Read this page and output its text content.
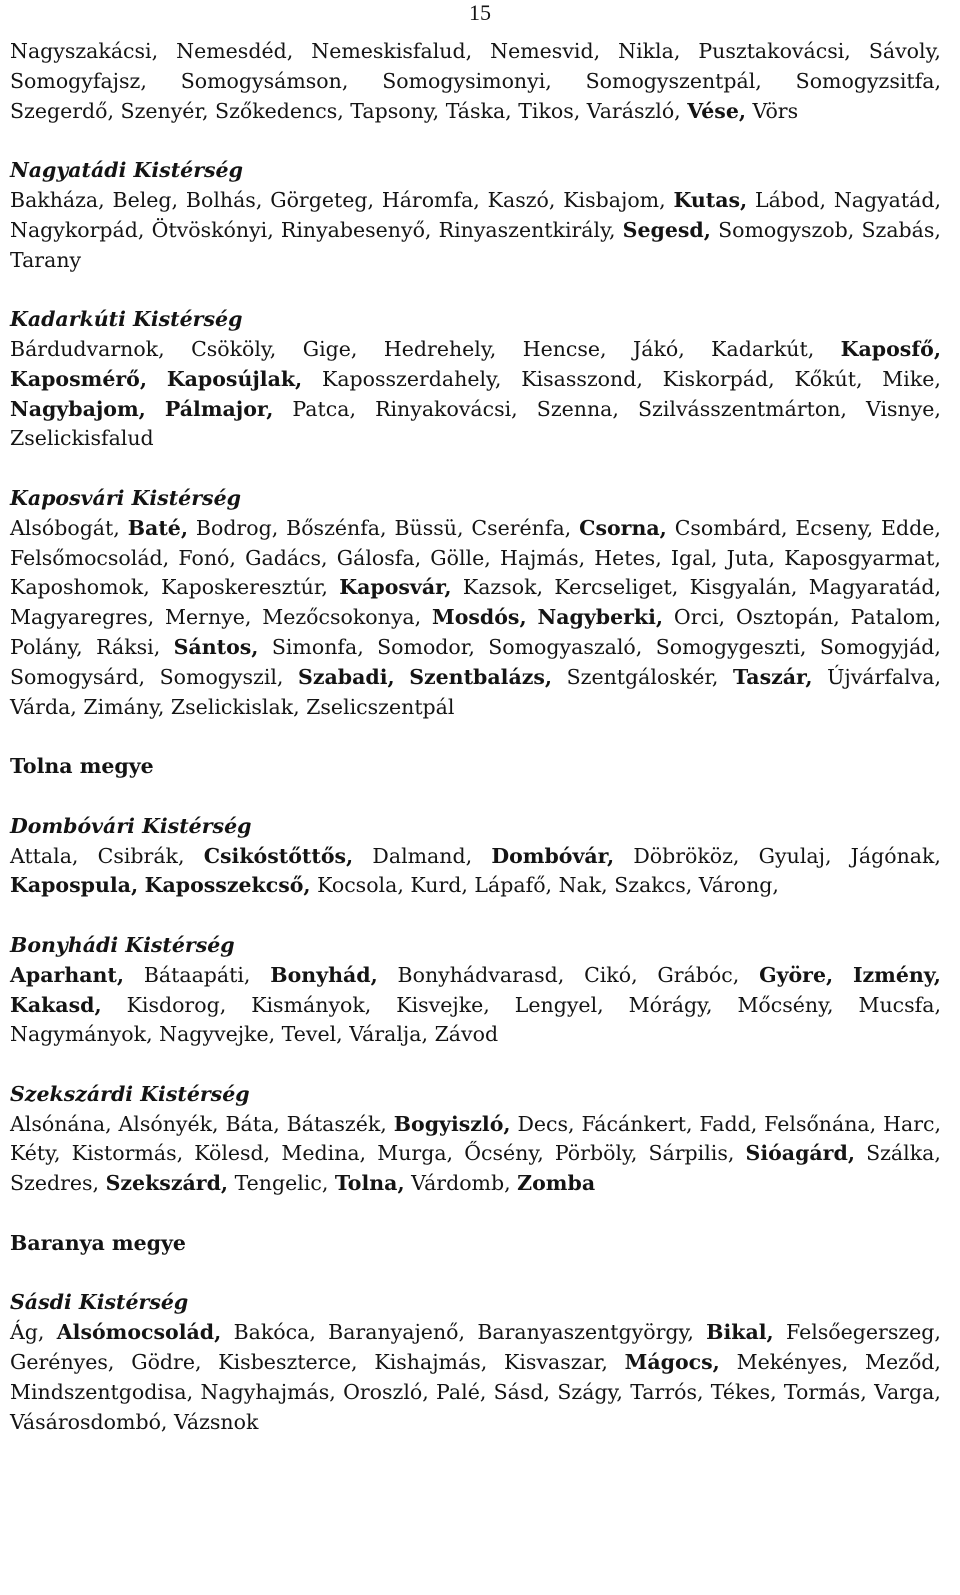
15

Nagyszakácsi, Nemesdéd, Nemeskisfalud, Nemesvid, Nikla, Pusztakovácsi, Sávoly, Somogyfajsz, Somogysámson, Somogysimonyi, Somogyszentpál, Somogyzsitfa, Szegerdő, Szenyér, Szőkedencs, Tapsony, Táska, Tikos, Varászló, Vése, Vörs

Nagyatádi Kistérség

Bakháza, Beleg, Bolhás, Görgeteg, Háromfa, Kaszó, Kisbajom, Kutas, Lábod, Nagyatád, Nagykorpád, Ötvöskónyi, Rinyabesenyő, Rinyaszentkirály, Segesd, Somogyszob, Szabás, Tarany

Kadarkúti Kistérség

Bárdudvarnok, Csököly, Gige, Hedrehely, Hencse, Jákó, Kadarkút, Kaposfő, Kaposmérő, Kaposújlak, Kaposszerdahely, Kisasszond, Kiskorpád, Kőkút, Mike, Nagybajom, Pálmajor, Patca, Rinyakovácsi, Szenna, Szilvásszentmárton, Visnye, Zselickisfalud

Kaposvári Kistérség

Alsóbogát, Baté, Bodrog, Bőszénfa, Büssü, Cserénfa, Csorna, Csombárd, Ecseny, Edde, Felsőmocsolád, Fonó, Gadács, Gálosfa, Gölle, Hajmás, Hetes, Igal, Juta, Kaposgyarmat, Kaposhomok, Kaposkeresztúr, Kaposvár, Kazsok, Kercseliget, Kisgyalán, Magyaratád, Magyaregres, Mernye, Mezőcsokonya, Mosdós, Nagyberki, Orci, Osztopán, Patalom, Polány, Ráksi, Sántos, Simonfa, Somodor, Somogyaszaló, Somogygeszti, Somogyjád, Somogysárd, Somogyszil, Szabadi, Szentbalázs, Szentgáloskér, Taszár, Újvárfalva, Várda, Zimány, Zselickislak, Zselicszentpál

Tolna megye

Dombóvári Kistérség

Attala, Csibrák, Csikóstőttős, Dalmand, Dombóvár, Döbrököz, Gyulaj, Jágónak, Kapospula, Kaposszekcső, Kocsola, Kurd, Lápafő, Nak, Szakcs, Várong,

Bonyhádi Kistérség

Aparhant, Bátaapáti, Bonyhád, Bonyhádvarasd, Cikó, Grábóc, Györe, Izmény, Kakasd, Kisdorog, Kismányok, Kisvejke, Lengyel, Mórágy, Mőcsény, Mucsfa, Nagymányok, Nagyvejke, Tevel, Váralja, Závod

Szekszárdi Kistérség

Alsónána, Alsónyék, Báta, Bátaszék, Bogyiszló, Decs, Fácánkert, Fadd, Felsőnána, Harc, Kéty, Kistormás, Kölesd, Medina, Murga, Őcsény, Pörböly, Sárpilis, Sióagárd, Szálka, Szedres, Szekszárd, Tengelic, Tolna, Várdomb, Zomba

Baranya megye

Sásdi Kistérség

Ág, Alsómocsolád, Bakóca, Baranyajenő, Baranyaszentgyörgy, Bikal, Felsőegerszeg, Gerényes, Gödre, Kisbeszterce, Kishajmás, Kisvaszar, Mágocs, Mekényes, Meződ, Mindszentgodisa, Nagyhajmás, Oroszló, Palé, Sásd, Szágy, Tarrós, Tékes, Tormás, Varga, Vásárosdombó, Vázsnok
